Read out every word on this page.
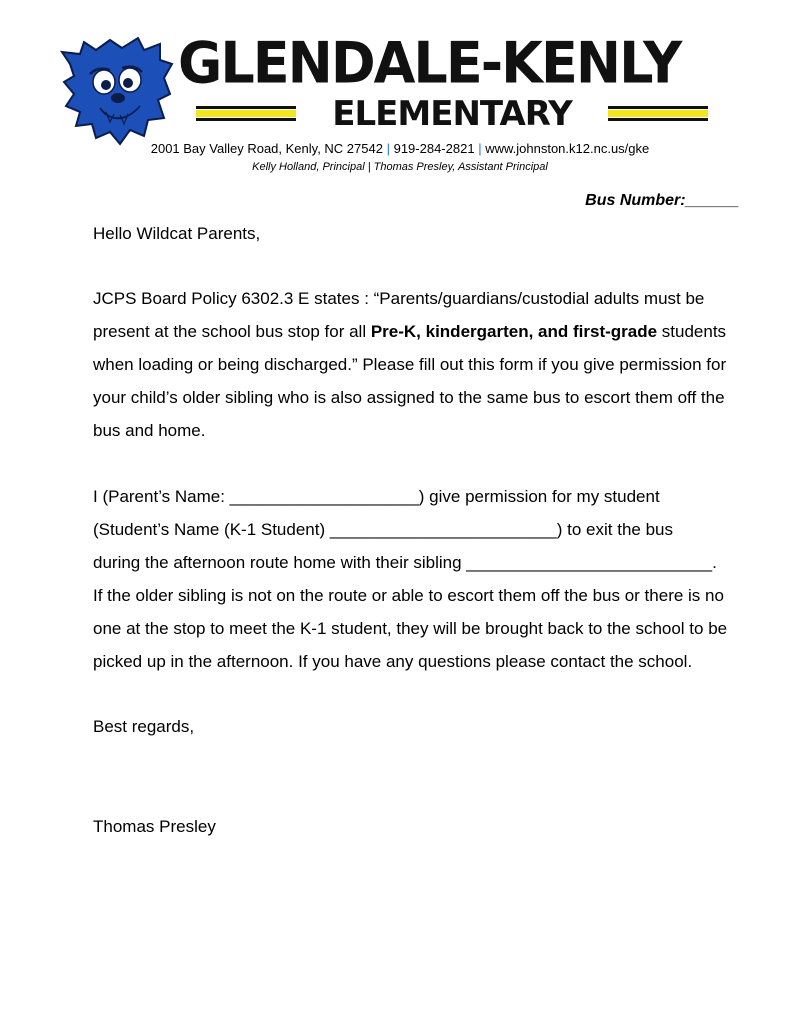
GLENDALE-KENLY
ELEMENTARY
2001 Bay Valley Road, Kenly, NC 27542 | 919-284-2821 | www.johnston.k12.nc.us/gke
Kelly Holland, Principal | Thomas Presley, Assistant Principal
Bus Number:______
Hello Wildcat Parents,
JCPS Board Policy 6302.3 E states : “Parents/guardians/custodial adults must be
present at the school bus stop for all Pre-K, kindergarten, and first-grade students
when loading or being discharged.” Please fill out this form if you give permission for
your child’s older sibling who is also assigned to the same bus to escort them off the
bus and home.
I (Parent’s Name: ____________________) give permission for my student
(Student’s Name (K-1 Student) ________________________) to exit the bus
during the afternoon route home with their sibling __________________________.
If the older sibling is not on the route or able to escort them off the bus or there is no
one at the stop to meet the K-1 student, they will be brought back to the school to be
picked up in the afternoon. If you have any questions please contact the school.
Best regards,
Thomas Presley
